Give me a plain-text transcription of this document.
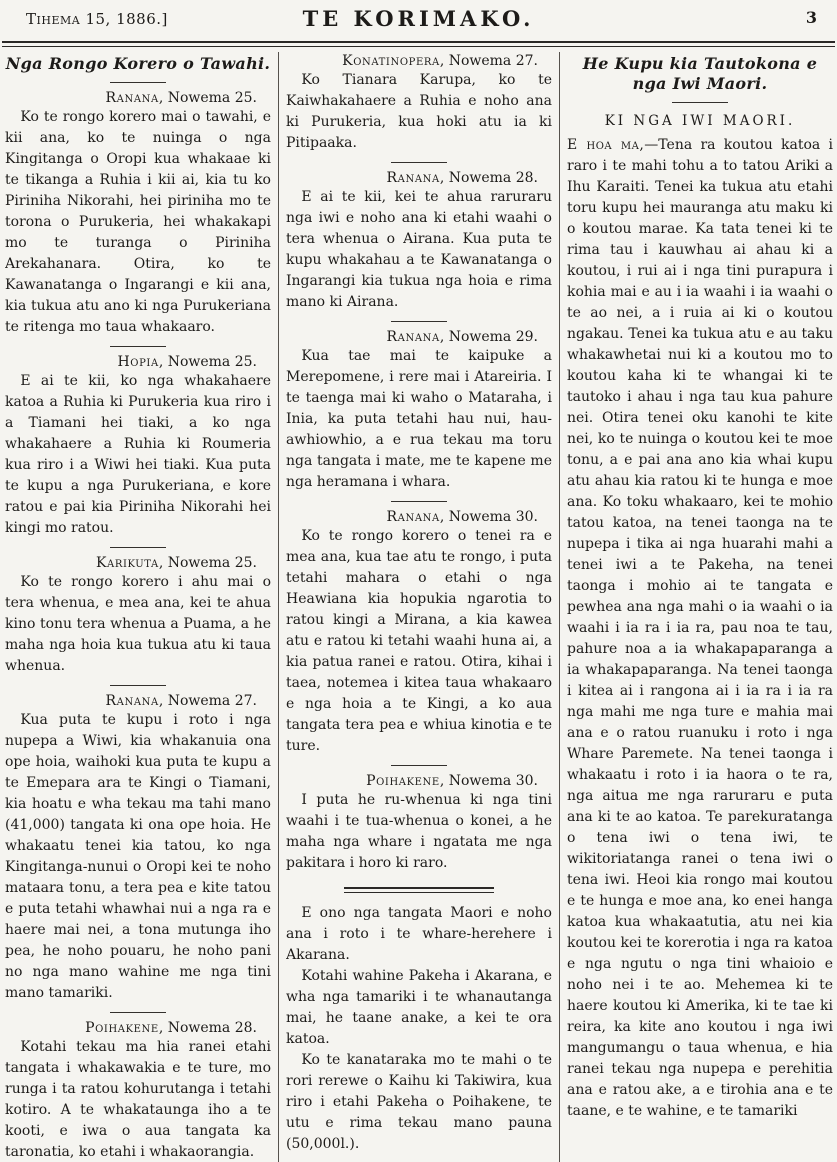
Tihema 15, 1886.]	TE KORIMAKO.	3
Nga Rongo Korero o Tawahi.
Ranana, Nowema 25.

Ko te rongo korero mai o tawahi, e kii ana, ko te nuinga o nga Kingitanga o Oropi kua whakaae ki te tikanga a Ruhia i kii ai, kia tu ko Piriniha Nikorahi, hei piriniha mo te torona o Purukeria, hei whakakapi mo te turanga o Piriniha Arekahanara. Otira, ko te Kawanatanga o Ingarangi e kii ana, kia tukua atu ano ki nga Purukeriana te ritenga mo taua whakaaro.

Hopia, Nowema 25.

E ai te kii, ko nga whakahaere katoa a Ruhia ki Purukeria kua riro i a Tiamani hei tiaki, a ko nga whakahaere a Ruhia ki Roumeria kua riro i a Wiwi hei tiaki. Kua puta te kupu a nga Purukeriana, e kore ratou e pai kia Piriniha Nikorahi hei kingi mo ratou.

Karikuta, Nowema 25.

Ko te rongo korero i ahu mai o tera whenua, e mea ana, kei te ahua kino tonu tera whenua a Puama, a he maha nga hoia kua tukua atu ki taua whenua.

Ranana, Nowema 27.

Kua puta te kupu i roto i nga nupepa a Wiwi, kia whakanuia ona ope hoia, waihoki kua puta te kupu a te Emepara ara te Kingi o Tiamani, kia hoatu e wha tekau ma tahi mano (41,000) tangata ki ona ope hoia. He whakaatu tenei kia tatou, ko nga Kingitanga-nunui o Oropi kei te noho mataara tonu, a tera pea e kite tatou e puta tetahi whawhai nui a nga ra e haere mai nei, a tona mutunga iho pea, he noho pouaru, he noho pani no nga mano wahine me nga tini mano tamariki.

Poihakene, Nowema 28.

Kotahi tekau ma hia ranei etahi tangata i whakawakia e te ture, mo runga i ta ratou kohurutanga i tetahi kotiro. A te whakataunga iho a te kooti, e iwa o aua tangata ka taronatia, ko etahi i whakaorangia.

Konatinopera, Nowema 27.

Ko Tianara Karupa, ko te Kaiwhakahaere a Ruhia e noho ana ki Purukeria, kua hoki atu ia ki Pitipaaka.

Ranana, Nowema 28.

E ai te kii, kei te ahua raruraru nga iwi e noho ana ki etahi waahi o tera whenua o Airana. Kua puta te kupu whakahau a te Kawanatanga o Ingarangi kia tukua nga hoia e rima mano ki Airana.

Ranana, Nowema 29.

Kua tae mai te kaipuke a Merepomene, i rere mai i Atareiria. I te taenga mai ki waho o Mataraha, i Inia, ka puta tetahi hau nui, hau-awhiowhio, a e rua tekau ma toru nga tangata i mate, me te kapene me nga heramana i whara.

Ranana, Nowema 30.

Ko te rongo korero o tenei ra e mea ana, kua tae atu te rongo, i puta tetahi mahara o etahi o nga Heawiana kia hopukia ngarotia to ratou kingi a Mirana, a kia kawea atu e ratou ki tetahi waahi huna ai, a kia patua ranei e ratou. Otira, kihai i taea, notemea i kitea taua whakaaro e nga hoia a te Kingi, a ko aua tangata tera pea e whiua kinotia e te ture.

Poihakene, Nowema 30.

I puta he ru-whenua ki nga tini waahi i te tua-whenua o konei, a he maha nga whare i ngatata me nga pakitara i horo ki raro.

E ono nga tangata Maori e noho ana i roto i te whare-herehere i Akarana.

Kotahi wahine Pakeha i Akarana, e wha nga tamariki i te whanautanga mai, he taane anake, a kei te ora katoa.

Ko te kanataraka mo te mahi o te rori rerewe o Kaihu ki Takiwira, kua riro i etahi Pakeha o Poihakene, te utu e rima tekau mano pauna (50,000l.).

He Kupu kia Tautokona e nga Iwi Maori.
KI NGA IWI MAORI.

E hoa ma,—Tena ra koutou katoa i raro i te mahi tohu a to tatou Ariki a Ihu Karaiti. Tenei ka tukua atu etahi toru kupu hei mauranga atu maku ki o koutou marae. Ka tata tenei ki te rima tau i kauwhau ai ahau ki a koutou, i rui ai i nga tini purapura i kohia mai e au i ia waahi i ia waahi o te ao nei, a i ruia ai ki o koutou ngakau. Tenei ka tukua atu e au taku whakawhetai nui ki a koutou mo to koutou kaha ki te whangai ki te tautoko i ahau i nga tau kua pahure nei. Otira tenei oku kanohi te kite nei, ko te nuinga o koutou kei te moe tonu, a e pai ana ano kia whai kupu atu ahau kia ratou ki te hunga e moe ana. Ko toku whakaaro, kei te mohio tatou katoa, na tenei taonga na te nupepa i tika ai nga huarahi mahi a tenei iwi a te Pakeha, na tenei taonga i mohio ai te tangata e pewhea ana nga mahi o ia waahi o ia waahi i ia ra i ia ra, pau noa te tau, pahure noa a ia whakapaparanga a ia whakapaparanga. Na tenei taonga i kitea ai i rangona ai i ia ra i ia ra nga mahi me nga ture e mahia mai ana e o ratou ruanuku i roto i nga Whare Paremete. Na tenei taonga i whakaatu i roto i ia haora o te ra, nga aitua me nga raruraru e puta ana ki te ao katoa. Te parekuratanga o tena iwi o tena iwi, te wikitoriatanga ranei o tena iwi o tena iwi. Heoi kia rongo mai koutou e te hunga e moe ana, ko enei hanga katoa kua whakaatutia, atu nei kia koutou kei te korerotia i nga ra katoa e nga ngutu o nga tini whaioio e noho nei i te ao. Mehemea ki te haere koutou ki Amerika, ki te tae ki reira, ka kite ano koutou i nga iwi mangumangu o taua whenua, e hia ranei tekau nga nupepa e perehitia ana e ratou ake, a e tirohia ana e te taane, e te wahine, e te tamariki
